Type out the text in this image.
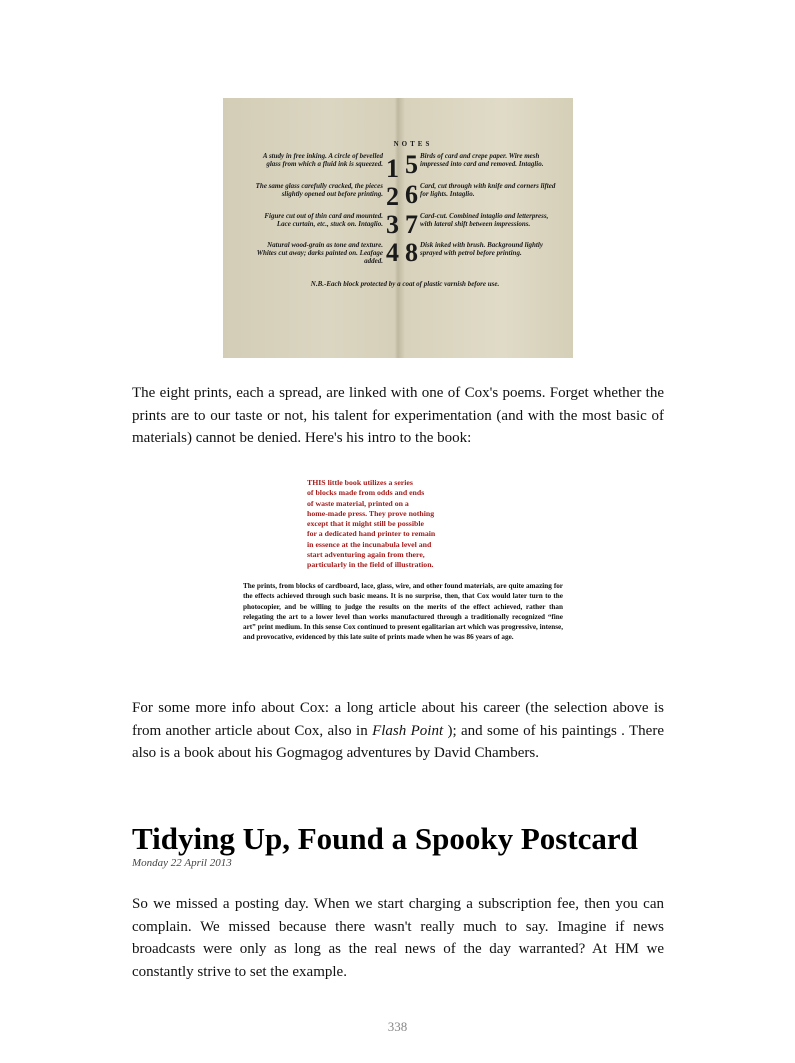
NOTES
A study in free inking. A circle of bevelled glass from which a fluid ink is squeezed. 1
The same glass carefully cracked, the pieces slightly opened out before printing. 2
Figure cut out of thin card and mounted. Lace curtain, etc., stuck on. Intaglio. 3
Natural wood-grain as tone and texture. Whites cut away; darks painted on. Leafage added. 4
5 Birds of card and crepe paper. Wire mesh impressed into card and removed. Intaglio.
6 Card, cut through with knife and corners lifted for lights. Intaglio.
7 Card-cut. Combined intaglio and letterpress, with lateral shift between impressions.
8 Disk inked with brush. Background lightly sprayed with petrol before printing.
N.B.-Each block protected by a coat of plastic varnish before use.

The eight prints, each a spread, are linked with one of Cox's poems. Forget whether the prints are to our taste or not, his talent for experimentation (and with the most basic of materials) cannot be denied. Here's his intro to the book:

THIS little book utilizes a series
of blocks made from odds and ends
of waste material, printed on a
home-made press. They prove nothing
except that it might still be possible
for a dedicated hand printer to remain
in essence at the incunabula level and
start adventuring again from there,
particularly in the field of illustration.
The prints, from blocks of cardboard, lace, glass, wire, and other found materials, are quite amazing for the effects achieved through such basic means. It is no surprise, then, that Cox would later turn to the photocopier, and be willing to judge the results on the merits of the effect achieved, rather than relegating the art to a lower level than works manufactured through a traditionally recognized “fine art” print medium. In this sense Cox continued to present egalitarian art which was progressive, intense, and provocative, evidenced by this late suite of prints made when he was 86 years of age.

For some more info about Cox: a long article about his career (the selection above is from another article about Cox, also in Flash Point ); and some of his paintings . There also is a book about his Gogmagog adventures by David Chambers.

Tidying Up, Found a Spooky Postcard
Monday 22 April 2013

So we missed a posting day. When we start charging a subscription fee, then you can complain. We missed because there wasn't really much to say. Imagine if news broadcasts were only as long as the real news of the day warranted? At HM we constantly strive to set the example.

338
